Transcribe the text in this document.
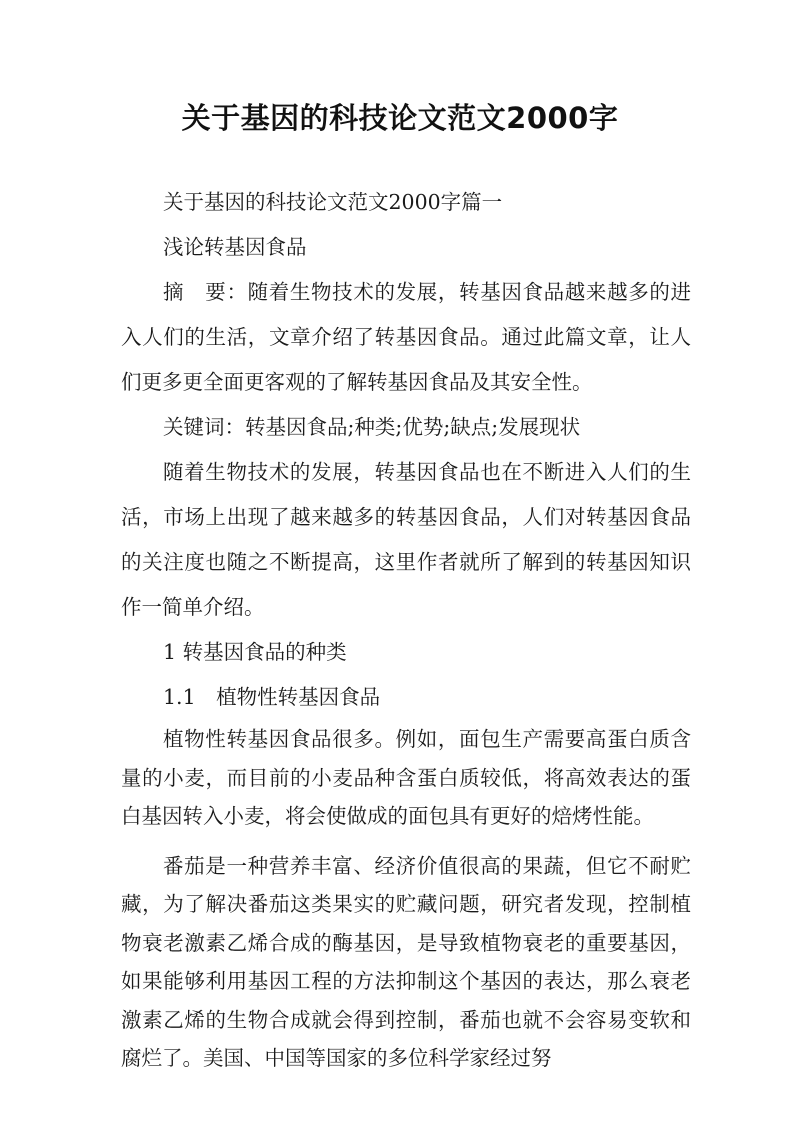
关于基因的科技论文范文2000字

关于基因的科技论文范文2000字篇一

浅论转基因食品

摘　要：随着生物技术的发展，转基因食品越来越多的进入人们的生活，文章介绍了转基因食品。通过此篇文章，让人们更多更全面更客观的了解转基因食品及其安全性。

关键词：转基因食品;种类;优势;缺点;发展现状

随着生物技术的发展，转基因食品也在不断进入人们的生活，市场上出现了越来越多的转基因食品，人们对转基因食品的关注度也随之不断提高，这里作者就所了解到的转基因知识作一简单介绍。

1 转基因食品的种类

1.1　植物性转基因食品

植物性转基因食品很多。例如，面包生产需要高蛋白质含量的小麦，而目前的小麦品种含蛋白质较低，将高效表达的蛋白基因转入小麦，将会使做成的面包具有更好的焙烤性能。

番茄是一种营养丰富、经济价值很高的果蔬，但它不耐贮藏，为了解决番茄这类果实的贮藏问题，研究者发现，控制植物衰老激素乙烯合成的酶基因，是导致植物衰老的重要基因，如果能够利用基因工程的方法抑制这个基因的表达，那么衰老激素乙烯的生物合成就会得到控制，番茄也就不会容易变软和腐烂了。美国、中国等国家的多位科学家经过努
